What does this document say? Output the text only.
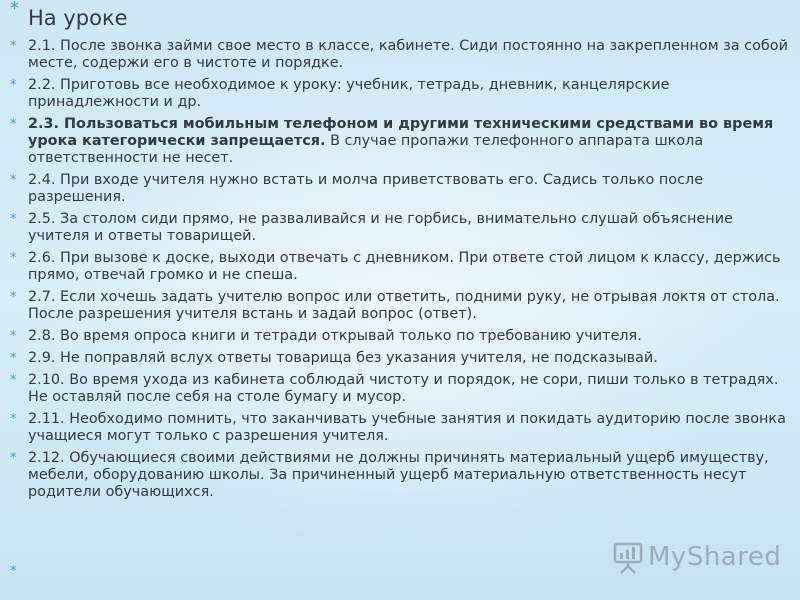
* На уроке
* 2.1. После звонка займи свое место в классе, кабинете. Сиди постоянно на закрепленном за собой месте, содержи его в чистоте и порядке.
* 2.2. Приготовь все необходимое к уроку: учебник, тетрадь, дневник, канцелярские принадлежности и др.
* 2.3. Пользоваться мобильным телефоном и другими техническими средствами во время урока категорически запрещается. В случае пропажи телефонного аппарата школа ответственности не несет.
* 2.4. При входе учителя нужно встать и молча приветствовать его. Садись только после разрешения.
* 2.5. За столом сиди прямо, не разваливайся и не горбись, внимательно слушай объяснение учителя и ответы товарищей.
* 2.6. При вызове к доске, выходи отвечать с дневником. При ответе стой лицом к классу, держись прямо, отвечай громко и не спеша.
* 2.7. Если хочешь задать учителю вопрос или ответить, подними руку, не отрывая локтя от стола. После разрешения учителя встань и задай вопрос (ответ).
* 2.8. Во время опроса книги и тетради открывай только по требованию учителя.
* 2.9. Не поправляй вслух ответы товарища без указания учителя, не подсказывай.
* 2.10. Во время ухода из кабинета соблюдай чистоту и порядок, не сори, пиши только в тетрадях. Не оставляй после себя на столе бумагу и мусор.
* 2.11. Необходимо помнить, что заканчивать учебные занятия и покидать аудиторию после звонка учащиеся могут только с разрешения учителя.
* 2.12. Обучающиеся своими действиями не должны причинять материальный ущерб имуществу, мебели, оборудованию школы. За причиненный ущерб материальную ответственность несут родители обучающихся.
*	MyShared
